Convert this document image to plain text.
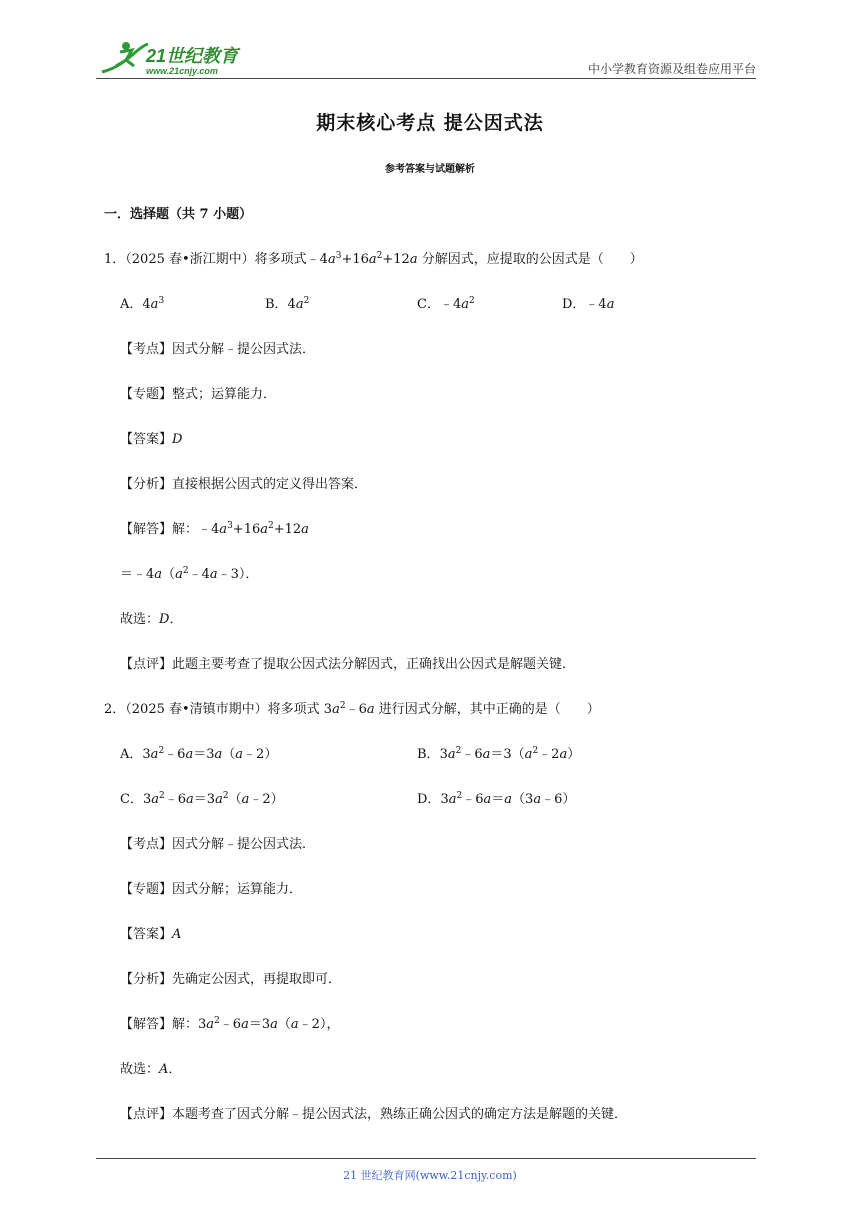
21世纪教育
www.21cnjy.com	中小学教育资源及组卷应用平台
期末核心考点 提公因式法
参考答案与试题解析
一．选择题（共 7 小题）
1．（2025 春•浙江期中）将多项式$﹣4a^3+16a^2+12a$ 分解因式，应提取的公因式是（　　）
A．$4a^3$	B．$4a^2$	C．$﹣4a^2$	D．﹣4a
【考点】因式分解﹣提公因式法．
【专题】整式；运算能力．
【答案】D
【分析】直接根据公因式的定义得出答案．
【解答】解：$﹣4a^3+16a^2+12a$
$=﹣4a(a^2﹣4a﹣3)$．
故选：D．
【点评】此题主要考查了提取公因式法分解因式，正确找出公因式是解题关键．
2．（2025 春•清镇市期中）将多项式 $3a^2﹣6a$ 进行因式分解，其中正确的是（　　）
A．$3a^2﹣6a=3a(a﹣2)$	B．$3a^2﹣6a=3(a^2﹣2a)$
C．$3a^2﹣6a=3a^2(a﹣2)$	D．$3a^2﹣6a=a(3a﹣6)$
【考点】因式分解﹣提公因式法．
【专题】因式分解；运算能力．
【答案】A
【分析】先确定公因式，再提取即可．
【解答】解：$3a^2﹣6a=3a(a﹣2)$，
故选：A．
【点评】本题考查了因式分解﹣提公因式法，熟练正确公因式的确定方法是解题的关键．
21 世纪教育网(www.21cnjy.com)
